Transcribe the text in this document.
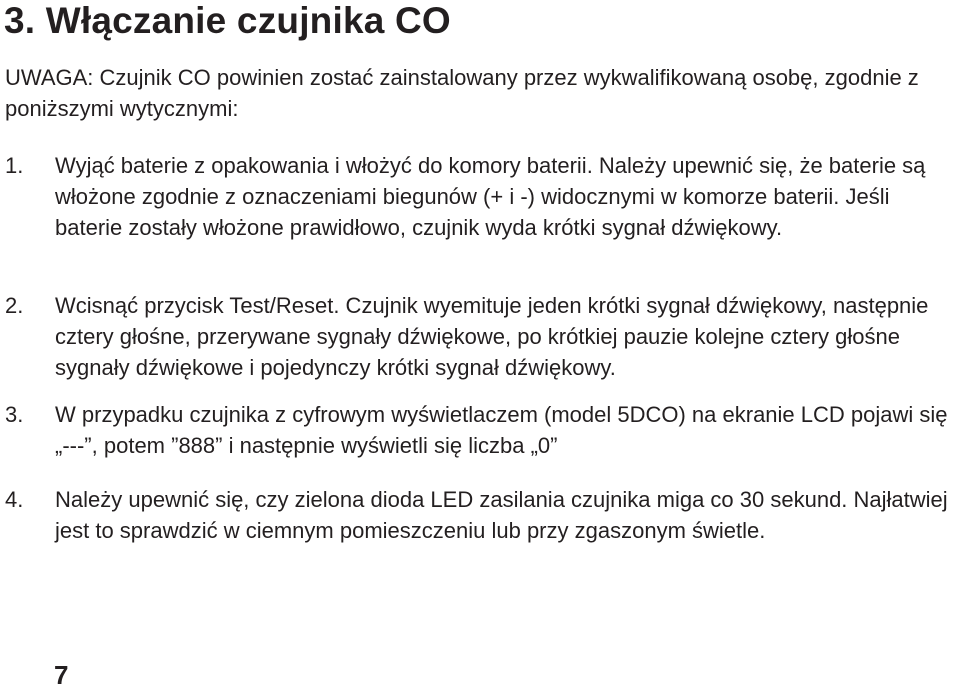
3. Włączanie czujnika CO

UWAGA: Czujnik CO powinien zostać zainstalowany przez wykwalifikowaną osobę, zgodnie z poniższymi wytycznymi:

1. Wyjąć baterie z opakowania i włożyć do komory baterii. Należy upewnić się, że baterie są włożone zgodnie z oznaczeniami biegunów (+ i -) widocznymi w komorze baterii. Jeśli baterie zostały włożone prawidłowo, czujnik wyda krótki sygnał dźwiękowy.
2. Wcisnąć przycisk Test/Reset. Czujnik wyemituje jeden krótki sygnał dźwiękowy, następnie cztery głośne, przerywane sygnały dźwiękowe, po krótkiej pauzie kolejne cztery głośne sygnały dźwiękowe i pojedynczy krótki sygnał dźwiękowy.
3. W przypadku czujnika z cyfrowym wyświetlaczem (model 5DCO) na ekranie LCD pojawi się „---”, potem ”888” i następnie wyświetli się liczba „0”
4. Należy upewnić się, czy zielona dioda LED zasilania czujnika miga co 30 sekund. Najłatwiej jest to sprawdzić w ciemnym pomieszczeniu lub przy zgaszonym świetle.
7
